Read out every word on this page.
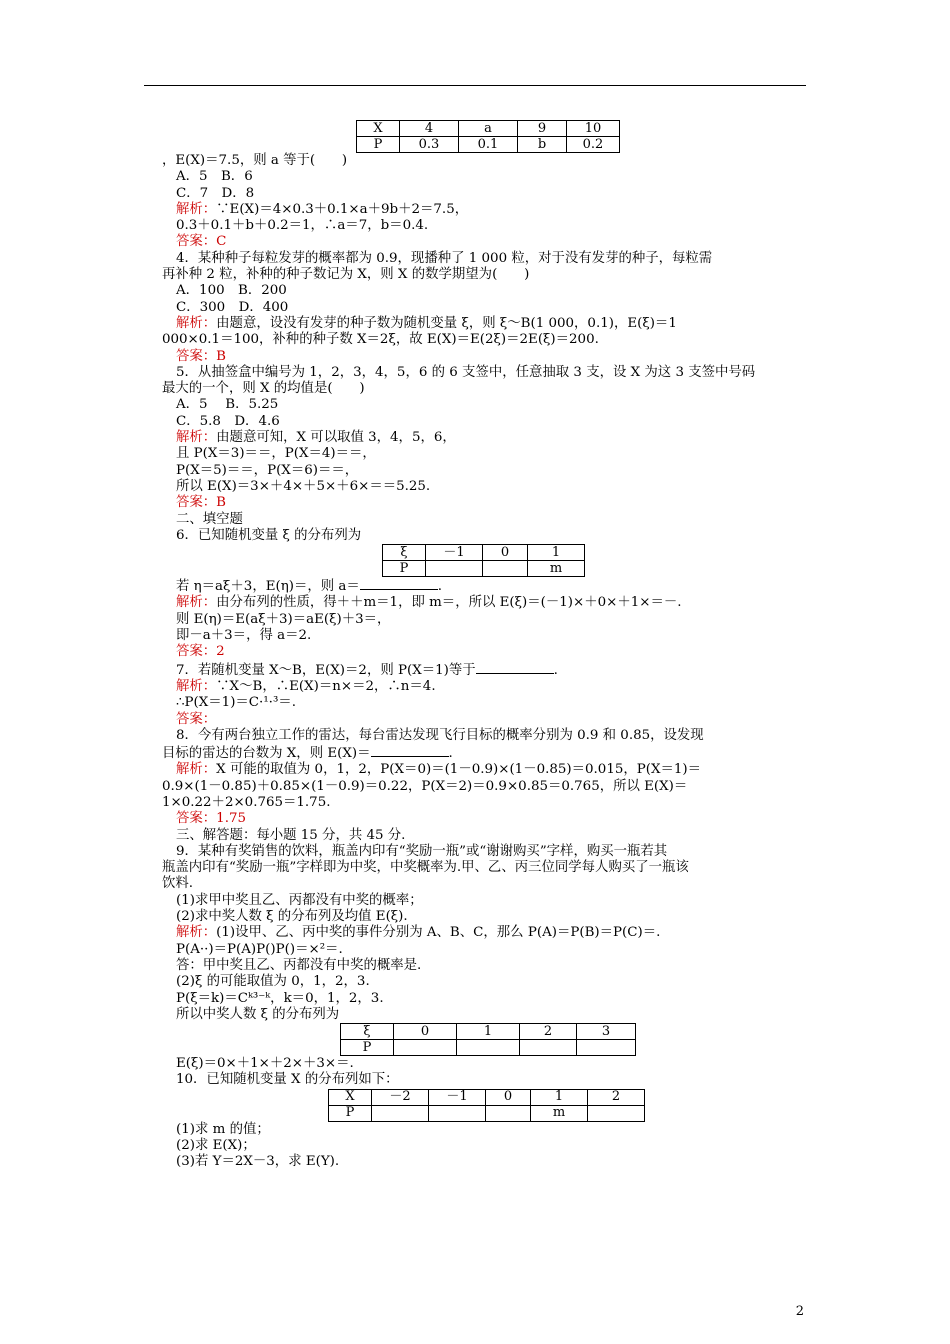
X	4	a	9	10
P	0.3	0.1	b	0.2
，E(X)＝7.5，则 a 等于(　　)
A．5　B．6
C．7　D．8
解析：∵E(X)＝4×0.3＋0.1×a＋9b＋2＝7.5，
0.3＋0.1＋b＋0.2＝1，∴a＝7，b＝0.4.
答案：C
4．某种种子每粒发芽的概率都为 0.9，现播种了 1 000 粒，对于没有发芽的种子，每粒需
再补种 2 粒，补种的种子数记为 X，则 X 的数学期望为(　　)
A．100　B．200
C．300　D．400
解析：由题意，设没有发芽的种子数为随机变量 ξ，则 ξ～B(1 000，0.1)，E(ξ)＝1
000×0.1＝100，补种的种子数 X＝2ξ，故 E(X)＝E(2ξ)＝2E(ξ)＝200.
答案：B
5．从抽签盒中编号为 1，2，3，4，5，6 的 6 支签中，任意抽取 3 支，设 X 为这 3 支签中号码
最大的一个，则 X 的均值是(　　)
A．5　 B．5.25
C．5.8　D．4.6
解析：由题意可知，X 可以取值 3，4，5，6，
且 P(X＝3)＝＝，P(X＝4)＝＝，
P(X＝5)＝＝，P(X＝6)＝＝，
所以 E(X)＝3×＋4×＋5×＋6×＝＝5.25.
答案：B
二、填空题
6．已知随机变量 ξ 的分布列为
ξ	－1	0	1
P			m
若 η＝aξ＋3，E(η)＝，则 a＝	.
解析：由分布列的性质，得＋＋m＝1，即 m＝，所以 E(ξ)＝(－1)×＋0×＋1×＝－.
则 E(η)＝E(aξ＋3)＝aE(ξ)＋3＝，
即－a＋3＝，得 a＝2.
答案：2
7．若随机变量 X～B，E(X)＝2，则 P(X＝1)等于	.
解析：∵X～B，∴E(X)＝n×＝2，∴n＝4.
∴P(X＝1)＝C·¹·³＝.
答案：
8．今有两台独立工作的雷达，每台雷达发现飞行目标的概率分别为 0.9 和 0.85，设发现
目标的雷达的台数为 X，则 E(X)＝	.
解析：X 可能的取值为 0，1，2，P(X＝0)＝(1－0.9)×(1－0.85)＝0.015，P(X＝1)＝
0.9×(1－0.85)＋0.85×(1－0.9)＝0.22，P(X＝2)＝0.9×0.85＝0.765，所以 E(X)＝
1×0.22＋2×0.765＝1.75.
答案：1.75
三、解答题：每小题 15 分，共 45 分.
9．某种有奖销售的饮料，瓶盖内印有“奖励一瓶”或“谢谢购买”字样，购买一瓶若其
瓶盖内印有“奖励一瓶”字样即为中奖，中奖概率为.甲、乙、丙三位同学每人购买了一瓶该
饮料.
(1)求甲中奖且乙、丙都没有中奖的概率；
(2)求中奖人数 ξ 的分布列及均值 E(ξ).
解析：(1)设甲、乙、丙中奖的事件分别为 A、B、C，那么 P(A)＝P(B)＝P(C)＝.
P(A··)＝P(A)P()P()＝×²＝.
答：甲中奖且乙、丙都没有中奖的概率是.
(2)ξ 的可能取值为 0，1，2，3.
P(ξ＝k)＝Cᵏ³⁻ᵏ，k＝0，1，2，3.
所以中奖人数 ξ 的分布列为
ξ	0	1	2	3
P				
E(ξ)＝0×＋1×＋2×＋3×＝.
10．已知随机变量 X 的分布列如下：
X	－2	－1	0	1	2
P				m	
(1)求 m 的值；
(2)求 E(X)；
(3)若 Y＝2X－3，求 E(Y).
2
